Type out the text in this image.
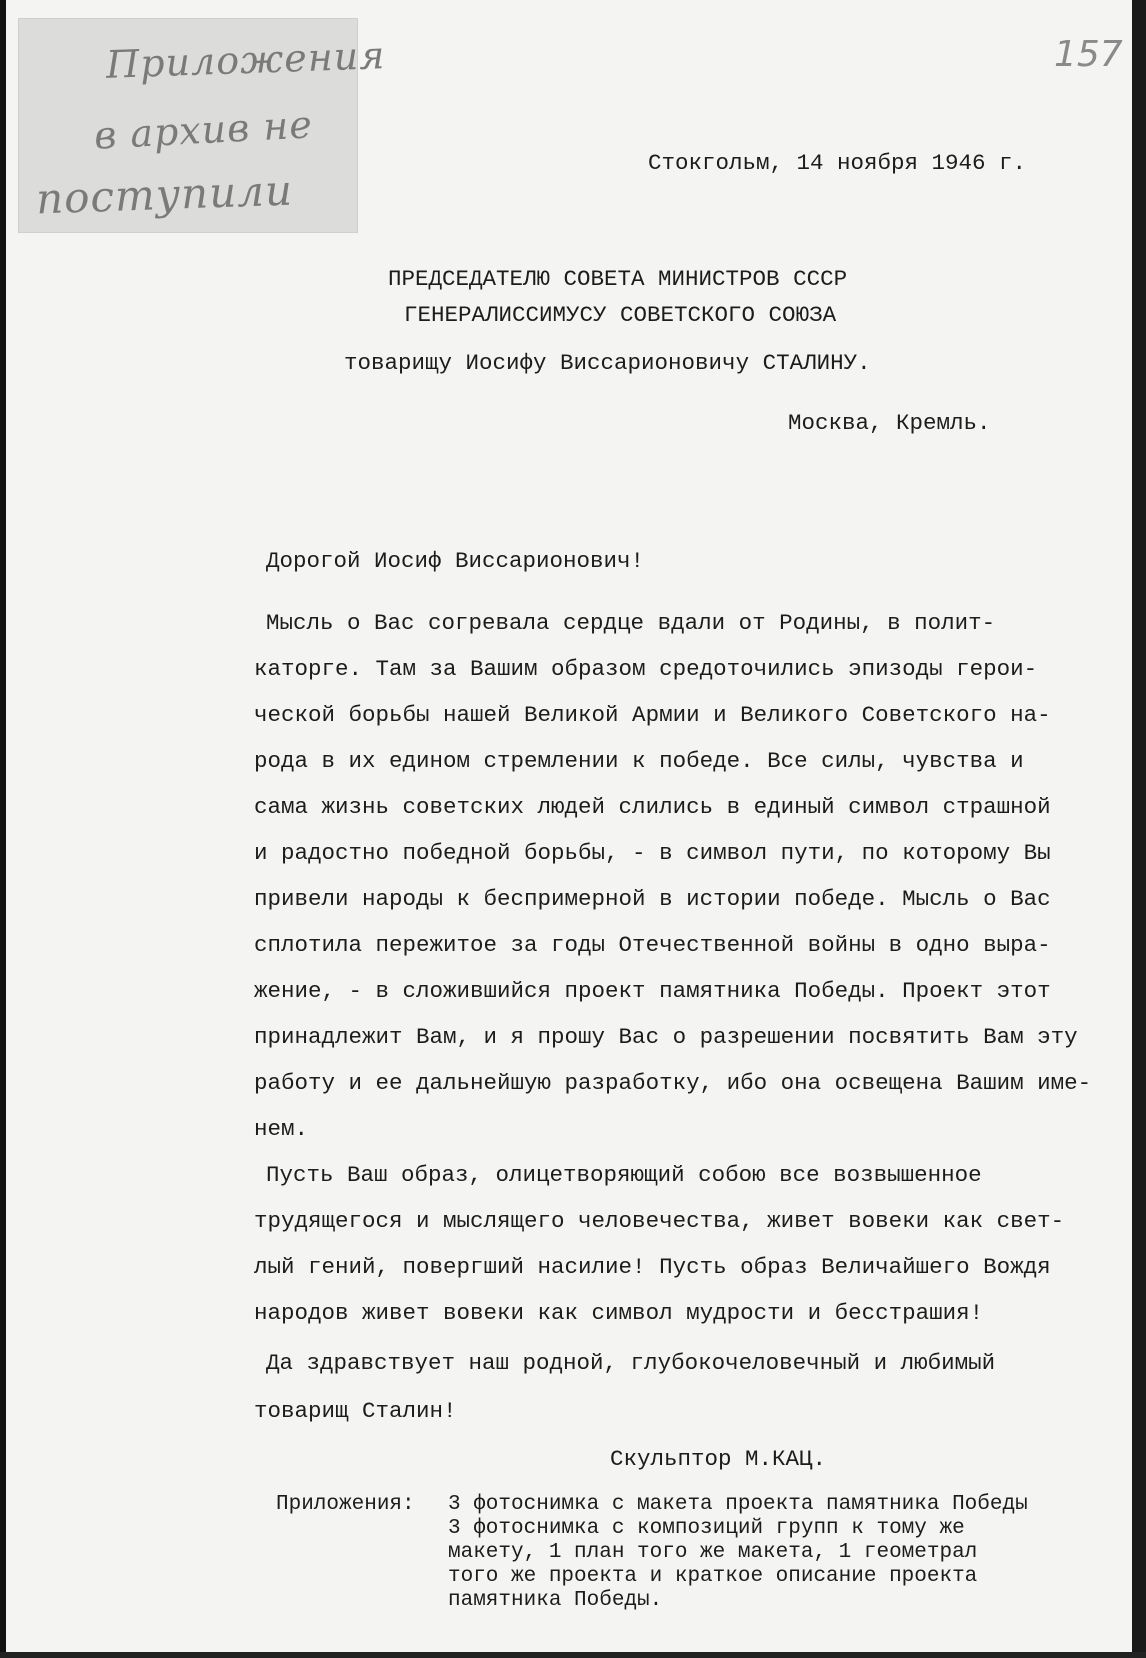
Приложения
в архив не
поступили
157
Стокгольм, 14 ноября 1946 г.
ПРЕДСЕДАТЕЛЮ СОВЕТА МИНИСТРОВ СССР
ГЕНЕРАЛИССИМУСУ СОВЕТСКОГО СОЮЗА
товарищу Иосифу Виссарионовичу СТАЛИНУ.
Москва, Кремль.
Дорогой Иосиф Виссарионович!
Мысль о Вас согревала сердце вдали от Родины, в полит-
каторге. Там за Вашим образом средоточились эпизоды герои-
ческой борьбы нашей Великой Армии и Великого Советского на-
рода в их едином стремлении к победе. Все силы, чувства и
сама жизнь советских людей слились в единый символ страшной
и радостно победной борьбы, - в символ пути, по которому Вы
привели народы к беспримерной в истории победе. Мысль о Вас
сплотила пережитое за годы Отечественной войны в одно выра-
жение, - в сложившийся проект памятника Победы. Проект этот
принадлежит Вам, и я прошу Вас о разрешении посвятить Вам эту
работу и ее дальнейшую разработку, ибо она освещена Вашим име-
нем.
Пусть Ваш образ, олицетворяющий собою все возвышенное
трудящегося и мыслящего человечества, живет вовеки как свет-
лый гений, повергший насилие! Пусть образ Величайшего Вождя
народов живет вовеки как символ мудрости и бесстрашия!
Да здравствует наш родной, глубокочеловечный и любимый
товарищ Сталин!
Скульптор М.КАЦ.
Приложения: 3 фотоснимка с макета проекта памятника Победы
3 фотоснимка с композиций групп к тому же
макету, 1 план того же макета, 1 геометрал
того же проекта и краткое описание проекта
памятника Победы.
